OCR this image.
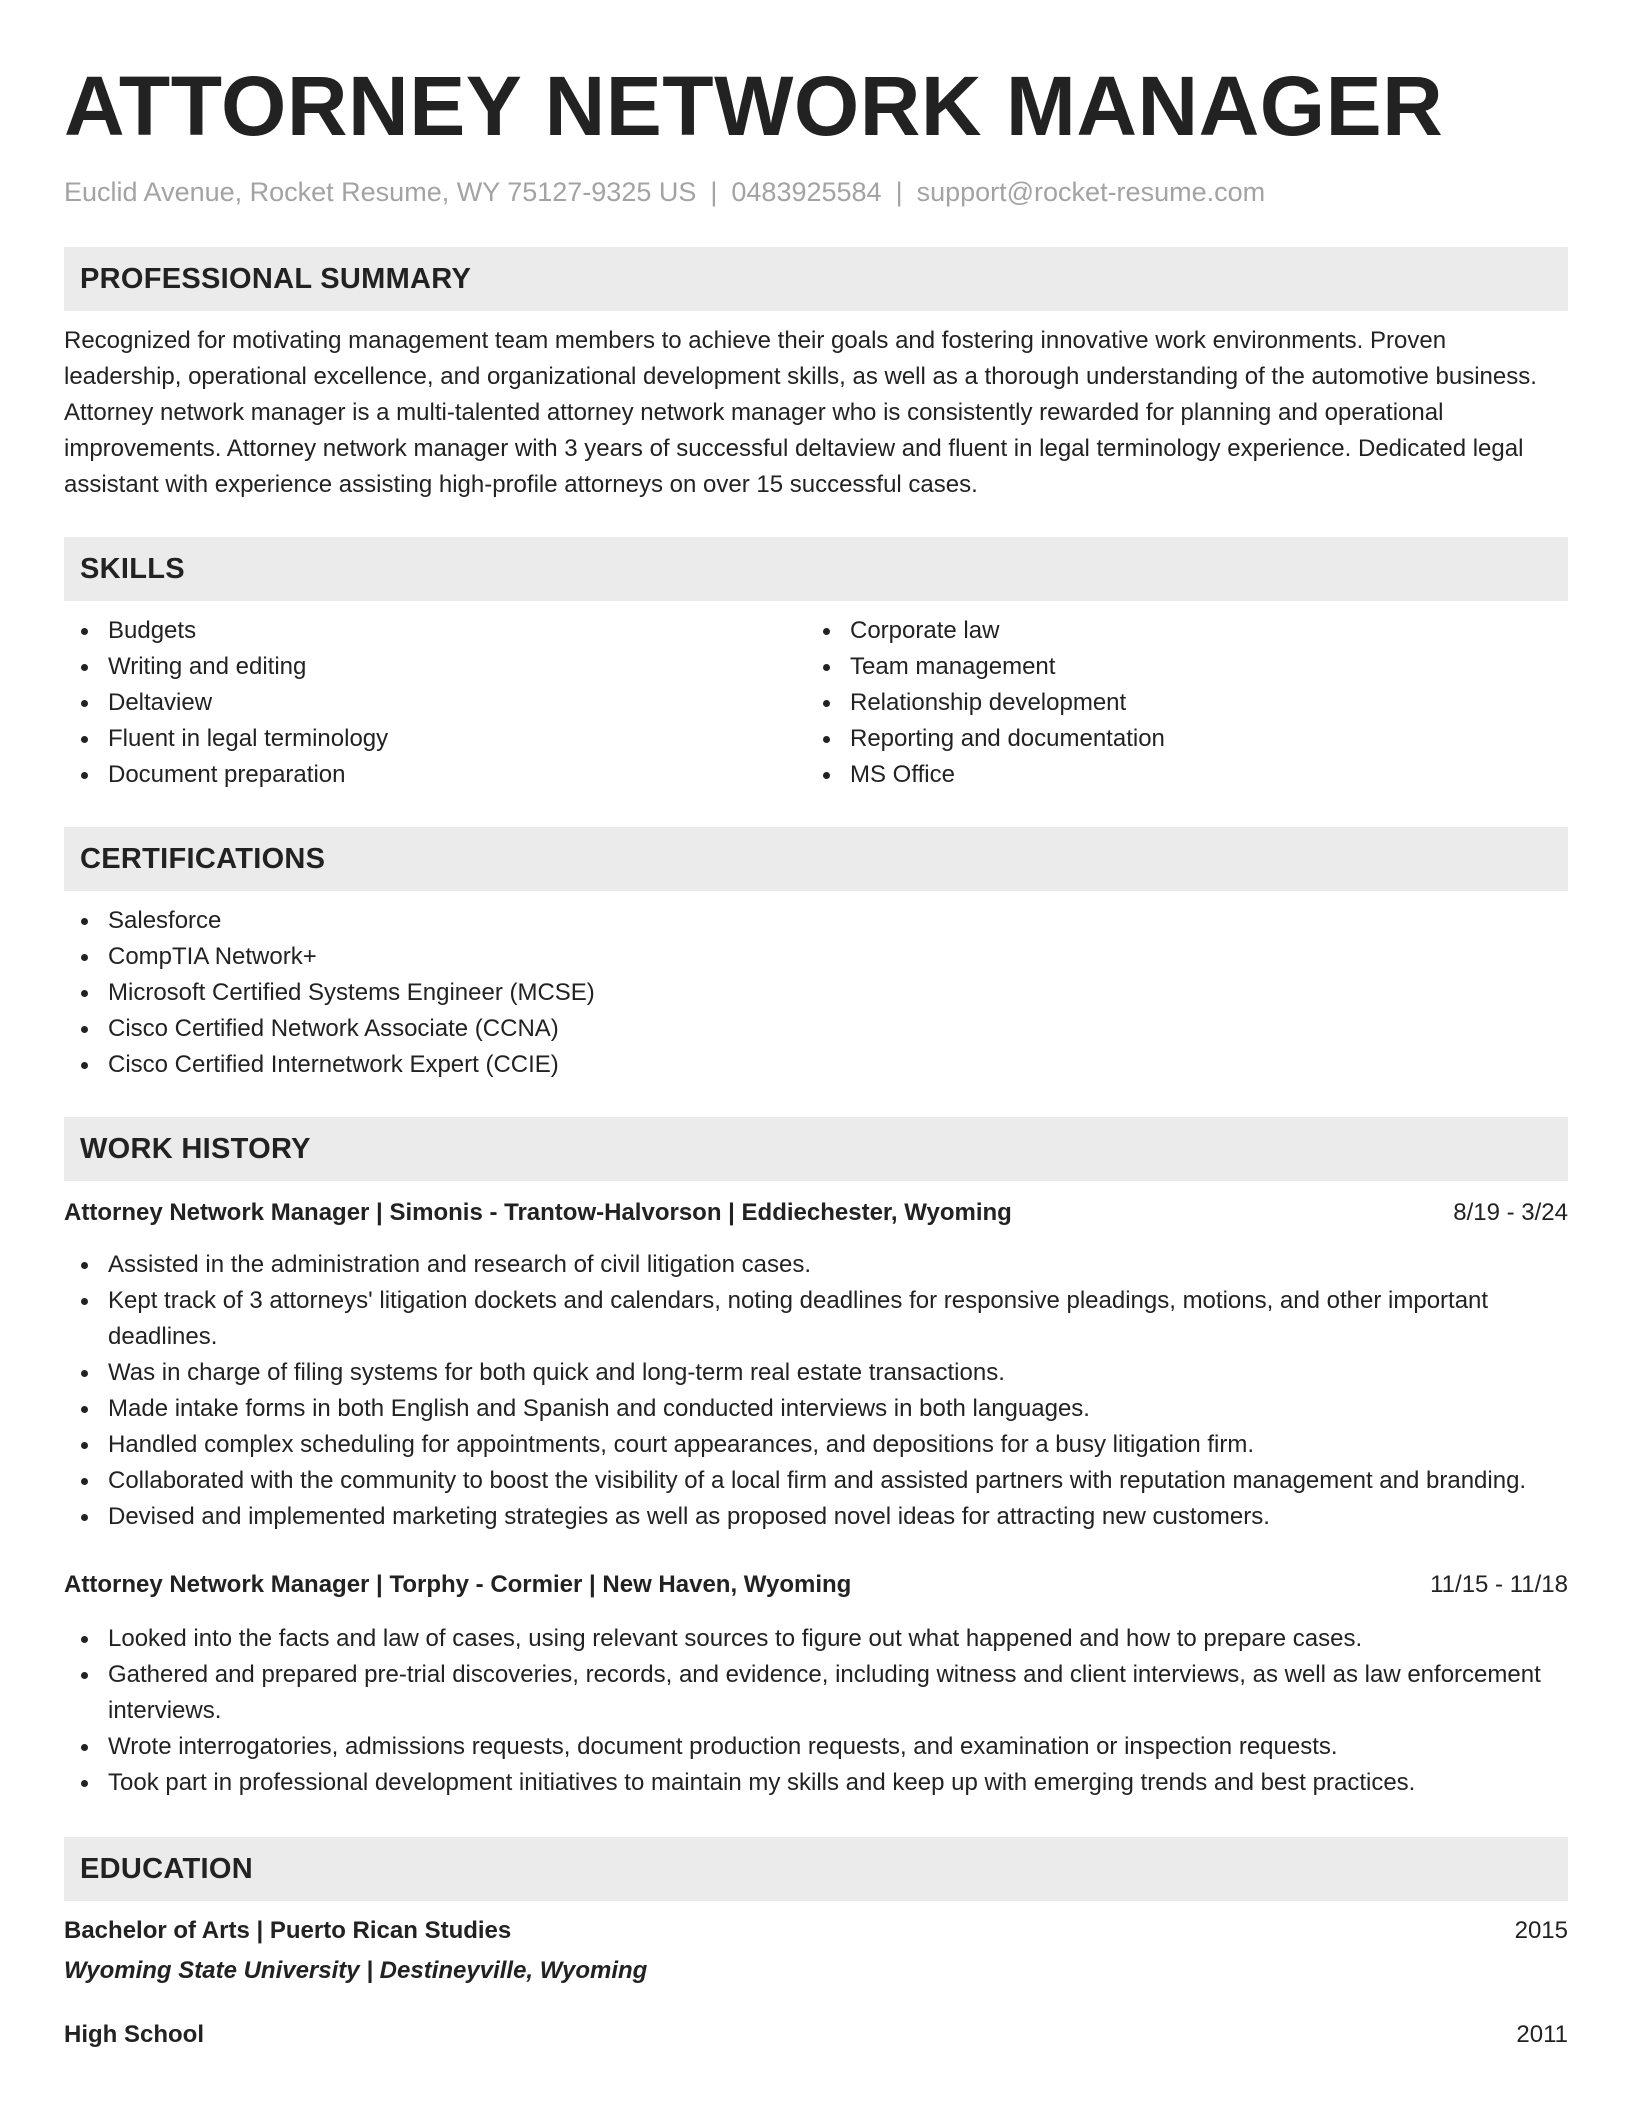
ATTORNEY NETWORK MANAGER
Euclid Avenue, Rocket Resume, WY 75127-9325 US | 0483925584 | support@rocket-resume.com
PROFESSIONAL SUMMARY
Recognized for motivating management team members to achieve their goals and fostering innovative work environments. Proven leadership, operational excellence, and organizational development skills, as well as a thorough understanding of the automotive business. Attorney network manager is a multi-talented attorney network manager who is consistently rewarded for planning and operational improvements. Attorney network manager with 3 years of successful deltaview and fluent in legal terminology experience. Dedicated legal assistant with experience assisting high-profile attorneys on over 15 successful cases.
SKILLS
Budgets
Writing and editing
Deltaview
Fluent in legal terminology
Document preparation
Corporate law
Team management
Relationship development
Reporting and documentation
MS Office
CERTIFICATIONS
Salesforce
CompTIA Network+
Microsoft Certified Systems Engineer (MCSE)
Cisco Certified Network Associate (CCNA)
Cisco Certified Internetwork Expert (CCIE)
WORK HISTORY
Attorney Network Manager | Simonis - Trantow-Halvorson | Eddiechester, Wyoming	8/19 - 3/24
Assisted in the administration and research of civil litigation cases.
Kept track of 3 attorneys' litigation dockets and calendars, noting deadlines for responsive pleadings, motions, and other important deadlines.
Was in charge of filing systems for both quick and long-term real estate transactions.
Made intake forms in both English and Spanish and conducted interviews in both languages.
Handled complex scheduling for appointments, court appearances, and depositions for a busy litigation firm.
Collaborated with the community to boost the visibility of a local firm and assisted partners with reputation management and branding.
Devised and implemented marketing strategies as well as proposed novel ideas for attracting new customers.
Attorney Network Manager | Torphy - Cormier | New Haven, Wyoming	11/15 - 11/18
Looked into the facts and law of cases, using relevant sources to figure out what happened and how to prepare cases.
Gathered and prepared pre-trial discoveries, records, and evidence, including witness and client interviews, as well as law enforcement interviews.
Wrote interrogatories, admissions requests, document production requests, and examination or inspection requests.
Took part in professional development initiatives to maintain my skills and keep up with emerging trends and best practices.
EDUCATION
Bachelor of Arts | Puerto Rican Studies	2015
Wyoming State University | Destineyville, Wyoming
High School	2011
